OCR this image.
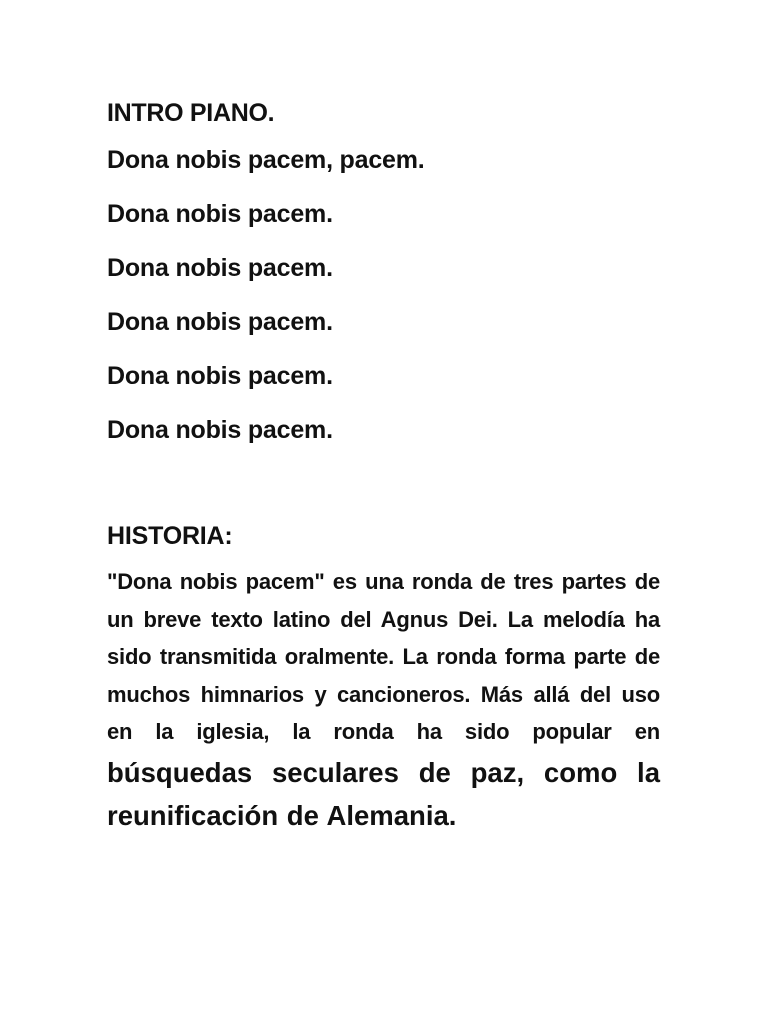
INTRO PIANO.
Dona nobis pacem, pacem.
Dona nobis pacem.
Dona nobis pacem.
Dona nobis pacem.
Dona nobis pacem.
Dona nobis pacem.
HISTORIA:

"Dona nobis pacem" es una ronda de tres partes de un breve texto latino del Agnus Dei. La melodía ha sido transmitida oralmente. La ronda forma parte de muchos himnarios y cancioneros. Más allá del uso en la iglesia, la ronda ha sido popular en búsquedas seculares de paz, como la reunificación de Alemania.
